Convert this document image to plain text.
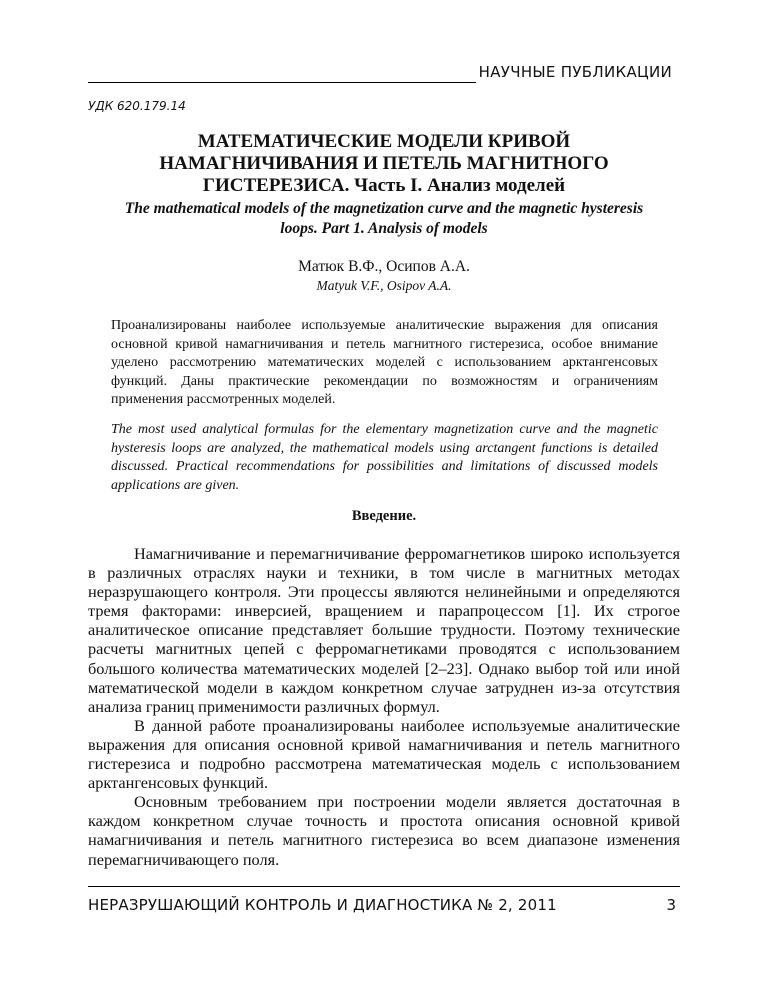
НАУЧНЫЕ ПУБЛИКАЦИИ
УДК 620.179.14
МАТЕМАТИЧЕСКИЕ МОДЕЛИ КРИВОЙ НАМАГНИЧИВАНИЯ И ПЕТЕЛЬ МАГНИТНОГО ГИСТЕРЕЗИСА. Часть I. Анализ моделей
The mathematical models of the magnetization curve and the magnetic hysteresis loops. Part 1. Analysis of models
Матюк В.Ф., Осипов А.А.
Matyuk V.F., Osipov A.A.
Проанализированы наиболее используемые аналитические выражения для описания основной кривой намагничивания и петель магнитного гистерезиса, особое внимание уделено рассмотрению математических моделей с использованием арктангенсовых функций. Даны практические рекомендации по возможностям и ограничениям применения рассмотренных моделей.
The most used analytical formulas for the elementary magnetization curve and the magnetic hysteresis loops are analyzed, the mathematical models using arctangent functions is detailed discussed. Practical recommendations for possibilities and limitations of discussed models applications are given.
Введение.

Намагничивание и перемагничивание ферромагнетиков широко используется в различных отраслях науки и техники, в том числе в магнитных методах неразрушающего контроля. Эти процессы являются нелинейными и определяются тремя факторами: инверсией, вращением и парапроцессом [1]. Их строгое аналитическое описание представляет большие трудности. Поэтому технические расчеты магнитных цепей с ферромагнетиками проводятся с использованием большого количества математических моделей [2–23]. Однако выбор той или иной математической модели в каждом конкретном случае затруднен из-за отсутствия анализа границ применимости различных формул.

В данной работе проанализированы наиболее используемые аналитические выражения для описания основной кривой намагничивания и петель магнитного гистерезиса и подробно рассмотрена математическая модель с использованием арктангенсовых функций.

Основным требованием при построении модели является достаточная в каждом конкретном случае точность и простота описания основной кривой намагничивания и петель магнитного гистерезиса во всем диапазоне изменения перемагничивающего поля.

НЕРАЗРУШАЮЩИЙ КОНТРОЛЬ И ДИАГНОСТИКА № 2, 2011	3
